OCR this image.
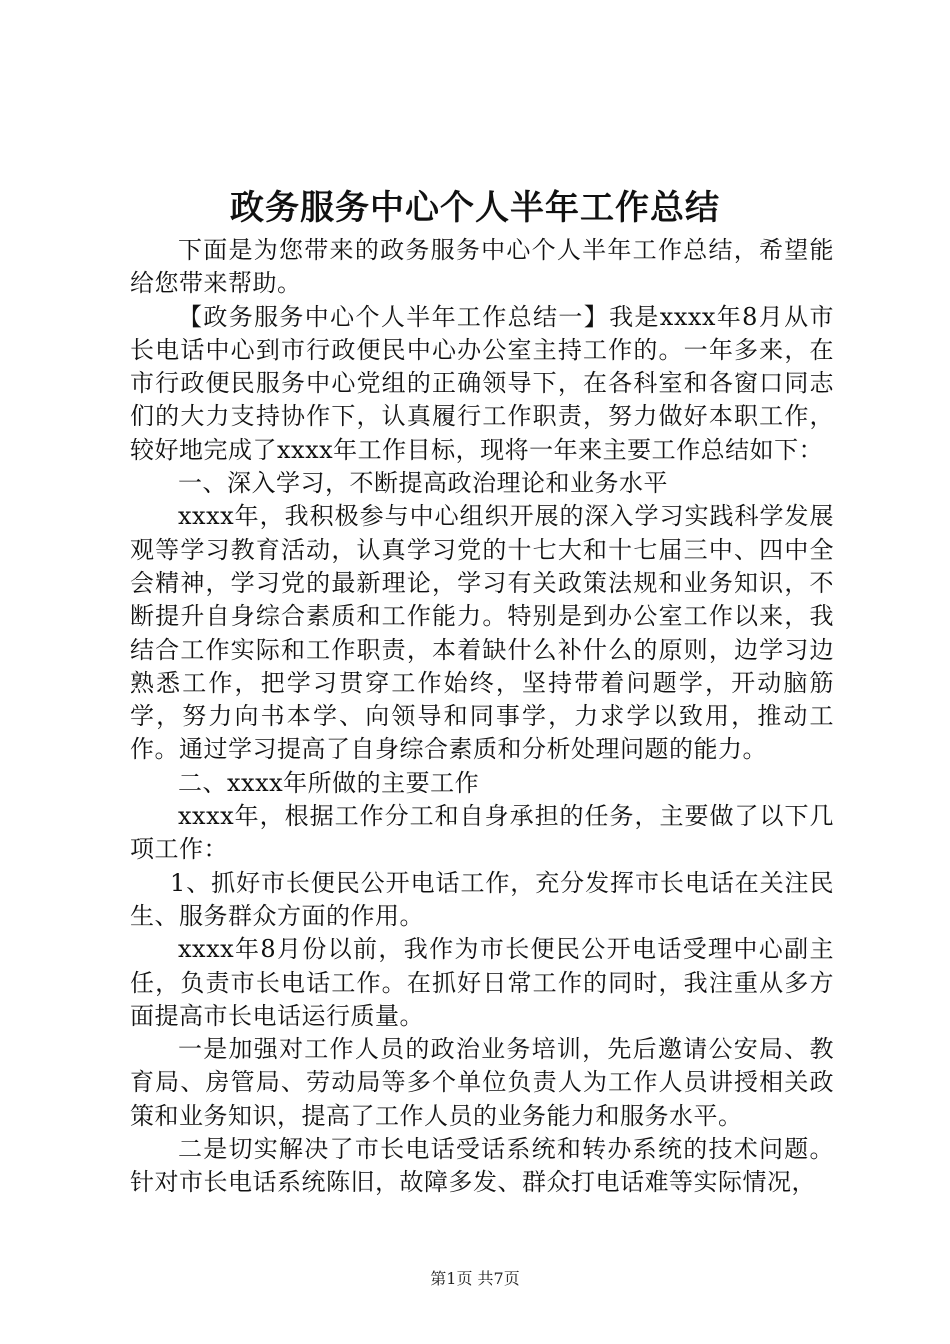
政务服务中心个人半年工作总结

下面是为您带来的政务服务中心个人半年工作总结，希望能给您带来帮助。

【政务服务中心个人半年工作总结一】我是xxxx年8月从市长电话中心到市行政便民中心办公室主持工作的。一年多来，在市行政便民服务中心党组的正确领导下，在各科室和各窗口同志们的大力支持协作下，认真履行工作职责，努力做好本职工作，较好地完成了xxxx年工作目标，现将一年来主要工作总结如下：

一、深入学习，不断提高政治理论和业务水平

xxxx年，我积极参与中心组织开展的深入学习实践科学发展观等学习教育活动，认真学习党的十七大和十七届三中、四中全会精神，学习党的最新理论，学习有关政策法规和业务知识，不断提升自身综合素质和工作能力。特别是到办公室工作以来，我结合工作实际和工作职责，本着缺什么补什么的原则，边学习边熟悉工作，把学习贯穿工作始终，坚持带着问题学，开动脑筋学，努力向书本学、向领导和同事学，力求学以致用，推动工作。通过学习提高了自身综合素质和分析处理问题的能力。

二、xxxx年所做的主要工作

xxxx年，根据工作分工和自身承担的任务，主要做了以下几项工作：

1、抓好市长便民公开电话工作，充分发挥市长电话在关注民生、服务群众方面的作用。

xxxx年8月份以前，我作为市长便民公开电话受理中心副主任，负责市长电话工作。在抓好日常工作的同时，我注重从多方面提高市长电话运行质量。

一是加强对工作人员的政治业务培训，先后邀请公安局、教育局、房管局、劳动局等多个单位负责人为工作人员讲授相关政策和业务知识，提高了工作人员的业务能力和服务水平。

二是切实解决了市长电话受话系统和转办系统的技术问题。针对市长电话系统陈旧，故障多发、群众打电话难等实际情况，

第1页 共7页
